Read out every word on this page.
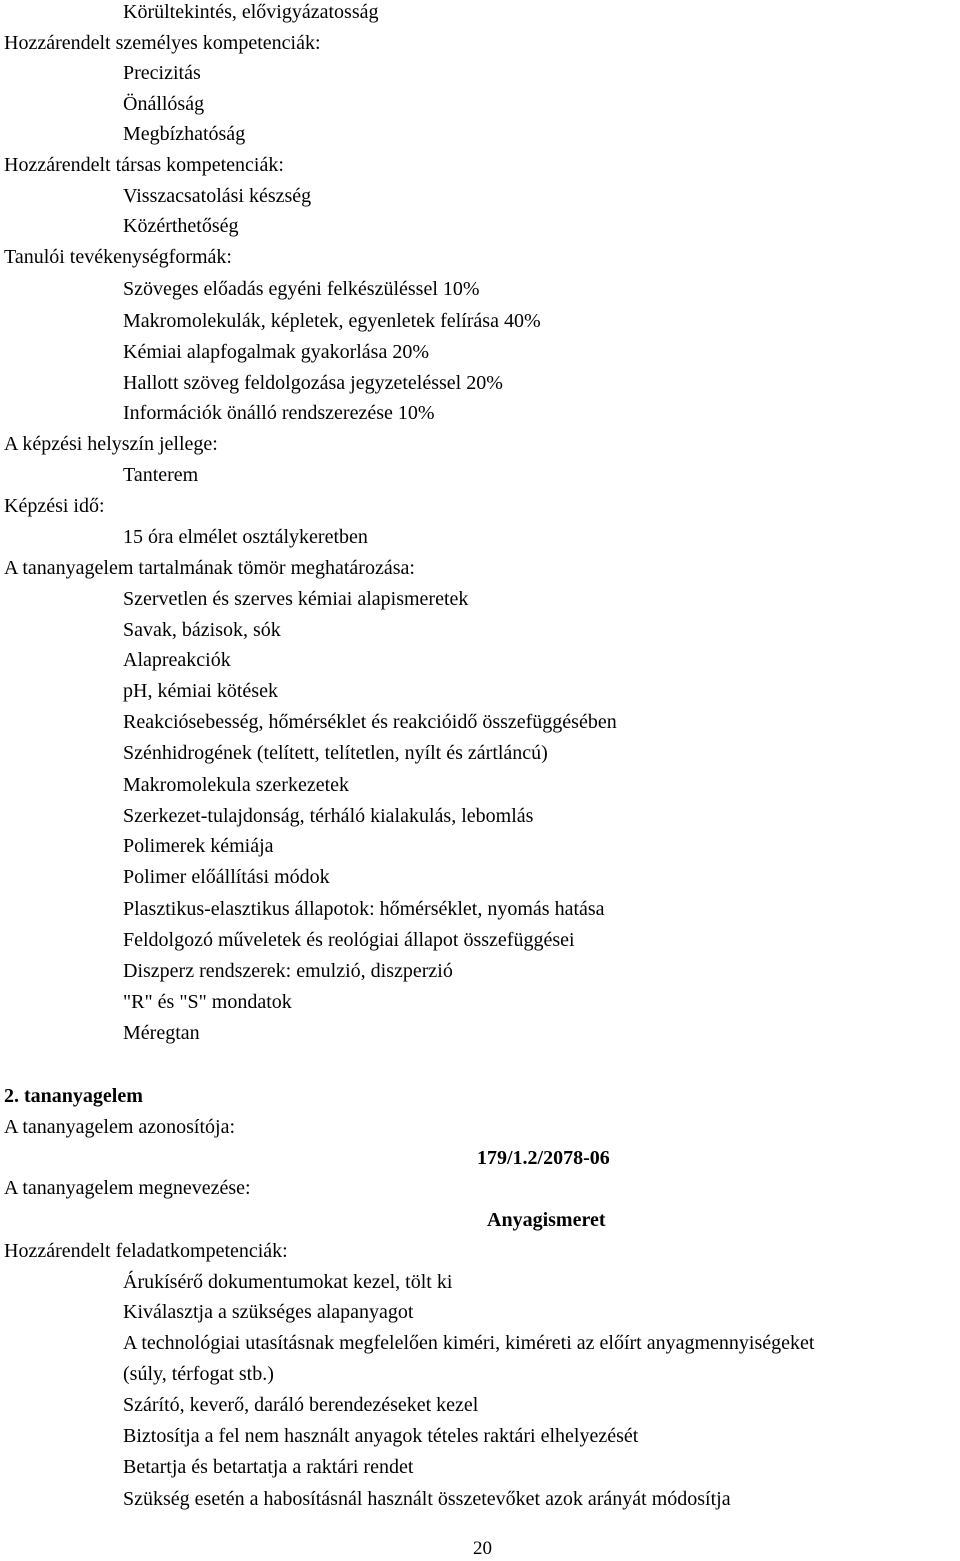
Körültekintés, elővigyázatosság
Hozzárendelt személyes kompetenciák:
Precizitás
Önállóság
Megbízhatóság
Hozzárendelt társas kompetenciák:
Visszacsatolási készség
Közérthetőség
Tanulói tevékenységformák:
Szöveges előadás egyéni felkészüléssel 10%
Makromolekulák, képletek, egyenletek felírása 40%
Kémiai alapfogalmak gyakorlása 20%
Hallott szöveg feldolgozása jegyzeteléssel 20%
Információk önálló rendszerezése 10%
A képzési helyszín jellege:
Tanterem
Képzési idő:
15 óra elmélet osztálykeretben
A tananyagelem tartalmának tömör meghatározása:
Szervetlen és szerves kémiai alapismeretek
Savak, bázisok, sók
Alapreakciók
pH, kémiai kötések
Reakciósebesség, hőmérséklet és reakcióidő összefüggésében
Szénhidrogének (telített, telítetlen, nyílt és zártláncú)
Makromolekula szerkezetek
Szerkezet-tulajdonság, térháló kialakulás, lebomlás
Polimerek kémiája
Polimer előállítási módok
Plasztikus-elasztikus állapotok: hőmérséklet, nyomás hatása
Feldolgozó műveletek és reológiai állapot összefüggései
Diszperz rendszerek: emulzió, diszperzió
"R" és "S" mondatok
Méregtan
2. tananyagelem
A tananyagelem azonosítója:
179/1.2/2078-06
A tananyagelem megnevezése:
Anyagismeret
Hozzárendelt feladatkompetenciák:
Árukísérő dokumentumokat kezel, tölt ki
Kiválasztja a szükséges alapanyagot
A technológiai utasításnak megfelelően kiméri, kiméreti az előírt anyagmennyiségeket
(súly, térfogat stb.)
Szárító, keverő, daráló berendezéseket kezel
Biztosítja a fel nem használt anyagok tételes raktári elhelyezését
Betartja és betartatja a raktári rendet
Szükség esetén a habosításnál használt összetevőket azok arányát módosítja
20
